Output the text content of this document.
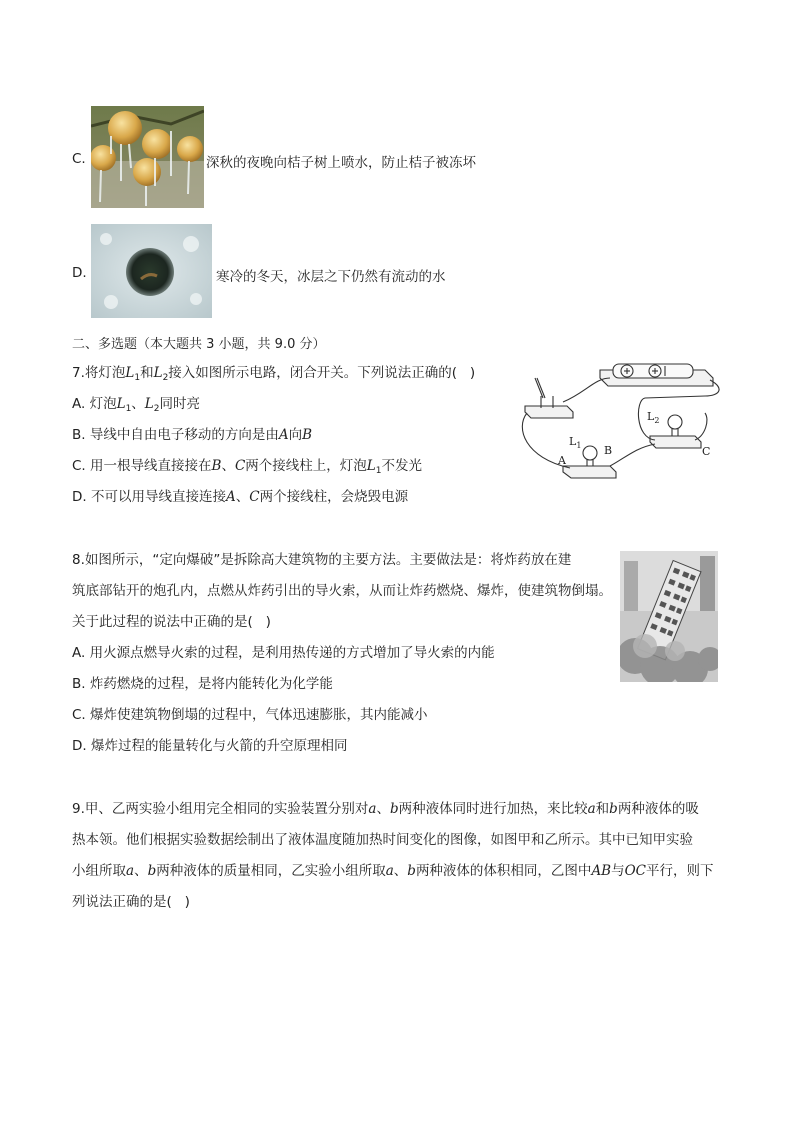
C.	深秋的夜晚向桔子树上喷水，防止桔子被冻坏
D.	寒冷的冬天，冰层之下仍然有流动的水
二、多选题（本大题共 3 小题，共 9.0 分）
7.将灯泡$L_1$和$L_2$接入如图所示电路，闭合开关。下列说法正确的(   )
A. 灯泡$L_1$、$L_2$同时亮
B. 导线中自由电子移动的方向是由A向B
C. 用一根导线直接接在B、C两个接线柱上，灯泡$L_1$不发光
D. 不可以用导线直接连接A、C两个接线柱，会烧毁电源
$L_2$
$L_1$
A
B	C
8.如图所示，“定向爆破”是拆除高大建筑物的主要方法。主要做法是：将炸药放在建
筑底部钻开的炮孔内，点燃从炸药引出的导火索，从而让炸药燃烧、爆炸，使建筑物倒塌。
关于此过程的说法中正确的是(   )
A. 用火源点燃导火索的过程，是利用热传递的方式增加了导火索的内能
B. 炸药燃烧的过程，是将内能转化为化学能
C. 爆炸使建筑物倒塌的过程中，气体迅速膨胀，其内能减小
D. 爆炸过程的能量转化与火箭的升空原理相同
9.甲、乙两实验小组用完全相同的实验装置分别对a、b两种液体同时进行加热，来比较a和b两种液体的吸
热本领。他们根据实验数据绘制出了液体温度随加热时间变化的图像，如图甲和乙所示。其中已知甲实验
小组所取a、b两种液体的质量相同，乙实验小组所取a、b两种液体的体积相同，乙图中AB与OC平行，则下
列说法正确的是(   )
